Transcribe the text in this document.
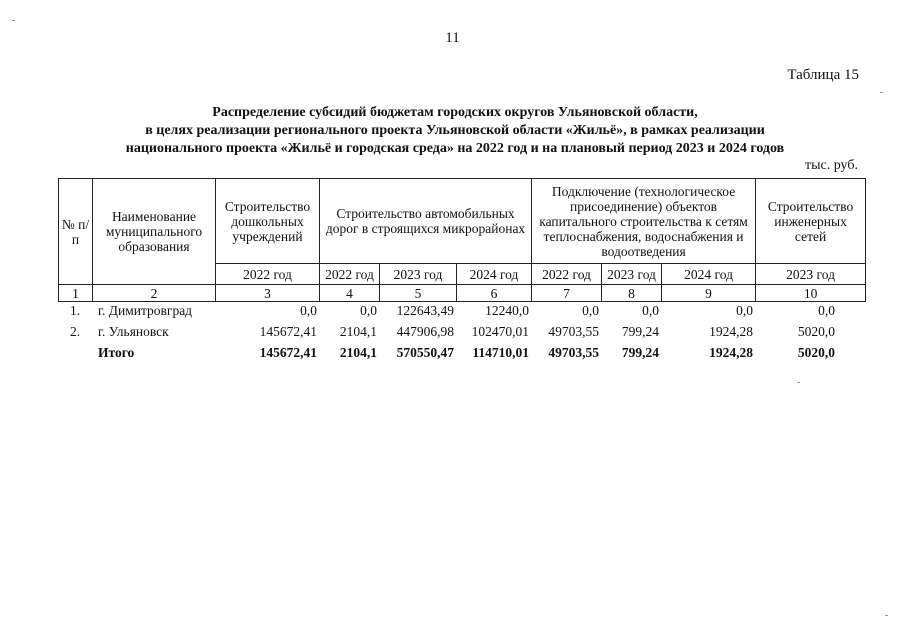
11
Таблица 15
Распределение субсидий бюджетам городских округов Ульяновской области,
в целях реализации регионального проекта Ульяновской области «Жильё», в рамках реализации
национального проекта «Жильё и городская среда» на 2022 год и на плановый период 2023 и 2024 годов
тыс. руб.
№ п/п	Наименование муниципального образования	Строительство дошкольных учреждений	Строительство автомобильных дорог в строящихся микрорайонах			Подключение (технологическое присоединение) объектов капитального строительства к сетям теплоснабжения, водоснабжения и водоотведения			Строительство инженерных сетей
		2022 год	2022 год	2023 год	2024 год	2022 год	2023 год	2024 год	2023 год
1	2	3	4	5	6	7	8	9	10
1.	г. Димитровград	0,0	0,0	122643,49	12240,0	0,0	0,0	0,0	0,0
2.	г. Ульяновск	145672,41	2104,1	447906,98	102470,01	49703,55	799,24	1924,28	5020,0
	Итого	145672,41	2104,1	570550,47	114710,01	49703,55	799,24	1924,28	5020,0
